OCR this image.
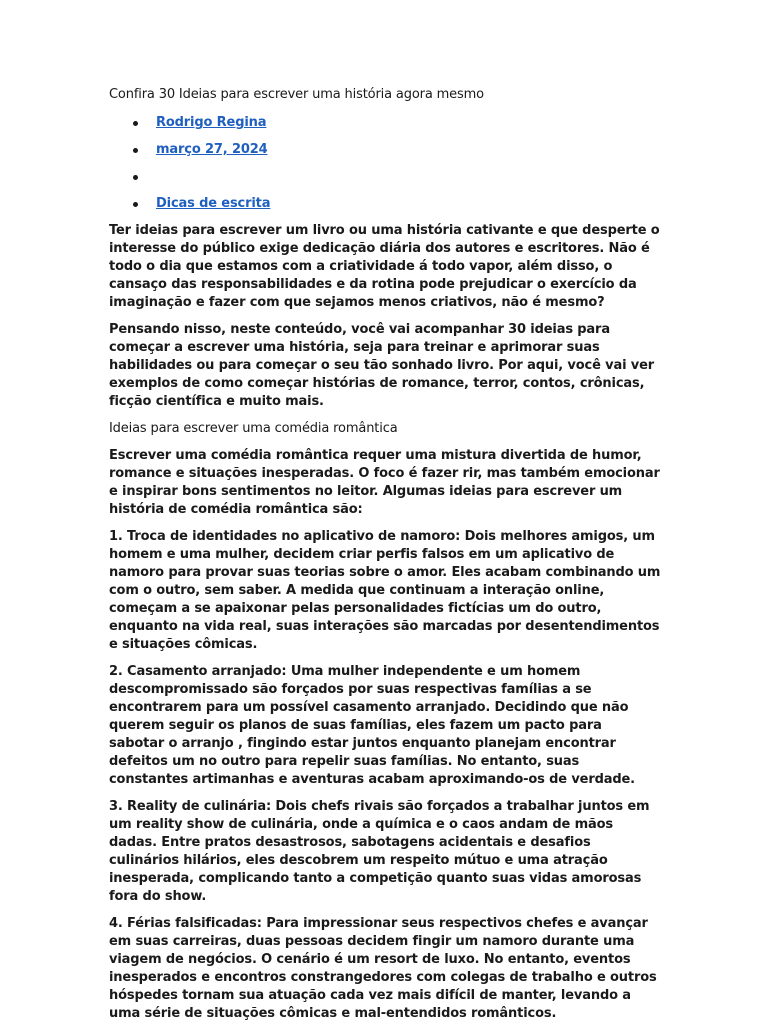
Confira 30 Ideias para escrever uma história agora mesmo
Rodrigo Regina
março 27, 2024
Dicas de escrita

Ter ideias para escrever um livro ou uma história cativante e que desperte o interesse do público exige dedicação diária dos autores e escritores. Não é todo o dia que estamos com a criatividade á todo vapor, além disso, o cansaço das responsabilidades e da rotina pode prejudicar o exercício da imaginação e fazer com que sejamos menos criativos, não é mesmo?

Pensando nisso, neste conteúdo, você vai acompanhar 30 ideias para começar a escrever uma história, seja para treinar e aprimorar suas habilidades ou para começar o seu tão sonhado livro. Por aqui, você vai ver exemplos de como começar histórias de romance, terror, contos, crônicas, ficção científica e muito mais.

Ideias para escrever uma comédia romântica

Escrever uma comédia romântica requer uma mistura divertida de humor, romance e situações inesperadas. O foco é fazer rir, mas também emocionar e inspirar bons sentimentos no leitor. Algumas ideias para escrever um história de comédia romântica são:

1. Troca de identidades no aplicativo de namoro: Dois melhores amigos, um homem e uma mulher, decidem criar perfis falsos em um aplicativo de namoro para provar suas teorias sobre o amor. Eles acabam combinando um com o outro, sem saber. A medida que continuam a interação online, começam a se apaixonar pelas personalidades fictícias um do outro, enquanto na vida real, suas interações são marcadas por desentendimentos e situações cômicas.

2. Casamento arranjado: Uma mulher independente e um homem descompromissado são forçados por suas respectivas famílias a se encontrarem para um possível casamento arranjado. Decidindo que não querem seguir os planos de suas famílias, eles fazem um pacto para sabotar o arranjo , fingindo estar juntos enquanto planejam encontrar defeitos um no outro para repelir suas famílias. No entanto, suas constantes artimanhas e aventuras acabam aproximando-os de verdade.

3. Reality de culinária: Dois chefs rivais são forçados a trabalhar juntos em um reality show de culinária, onde a química e o caos andam de mãos dadas. Entre pratos desastrosos, sabotagens acidentais e desafios culinários hilários, eles descobrem um respeito mútuo e uma atração inesperada, complicando tanto a competição quanto suas vidas amorosas fora do show.

4. Férias falsificadas: Para impressionar seus respectivos chefes e avançar em suas carreiras, duas pessoas decidem fingir um namoro durante uma viagem de negócios. O cenário é um resort de luxo. No entanto, eventos inesperados e encontros constrangedores com colegas de trabalho e outros hóspedes tornam sua atuação cada vez mais difícil de manter, levando a uma série de situações cômicas e mal-entendidos românticos.
